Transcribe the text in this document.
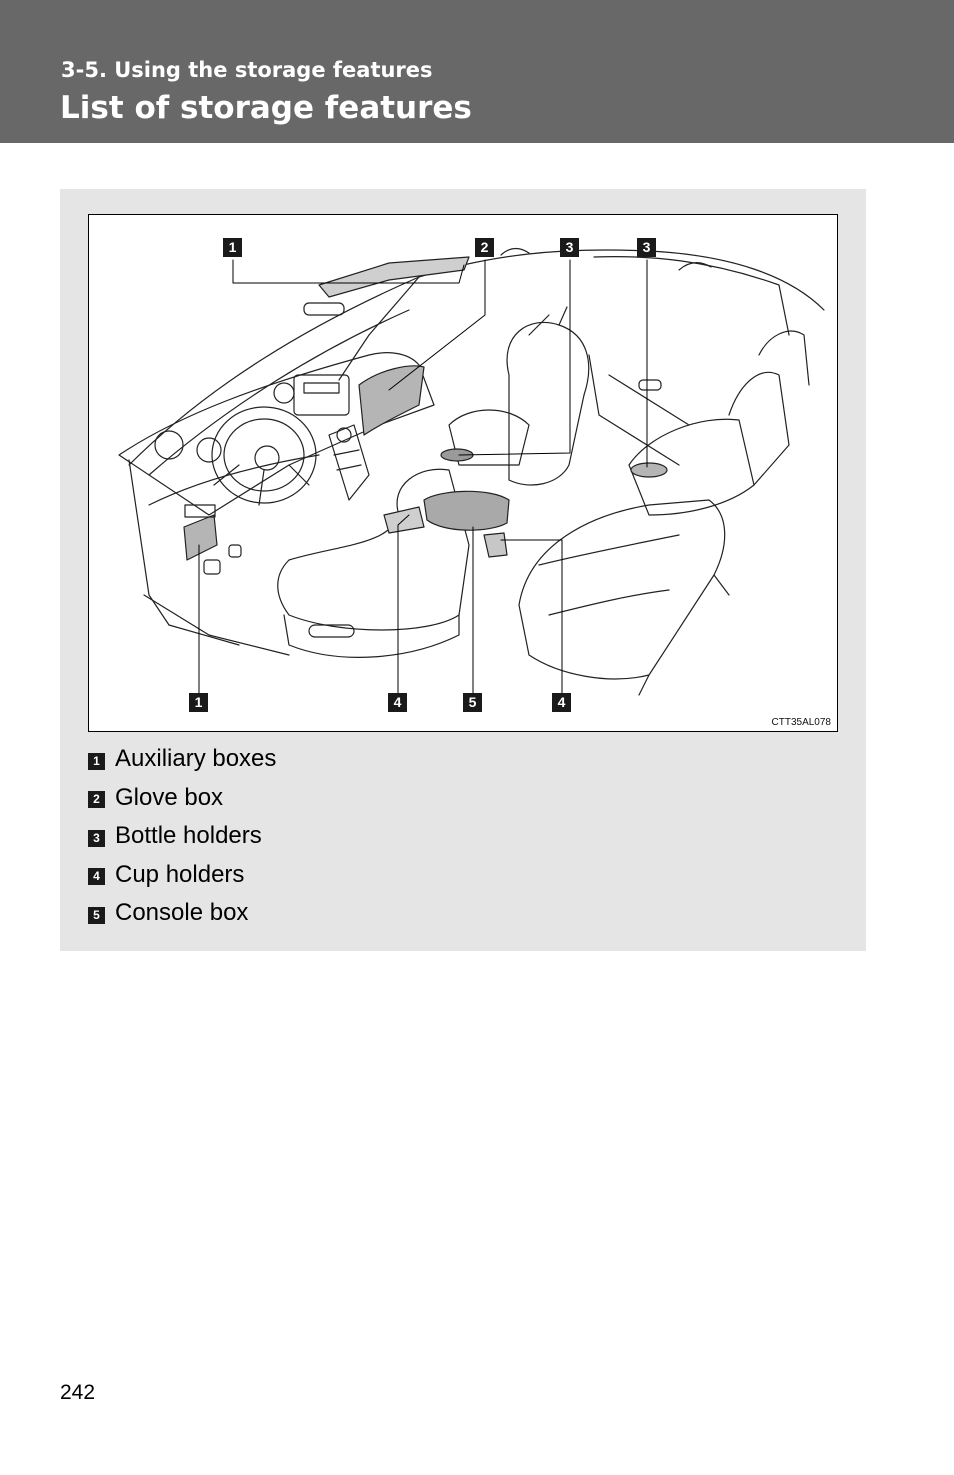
3-5. Using the storage features
List of storage features
1	2	3	3
1	4	5	4
CTT35AL078
1 Auxiliary boxes
2 Glove box
3 Bottle holders
4 Cup holders
5 Console box
242
